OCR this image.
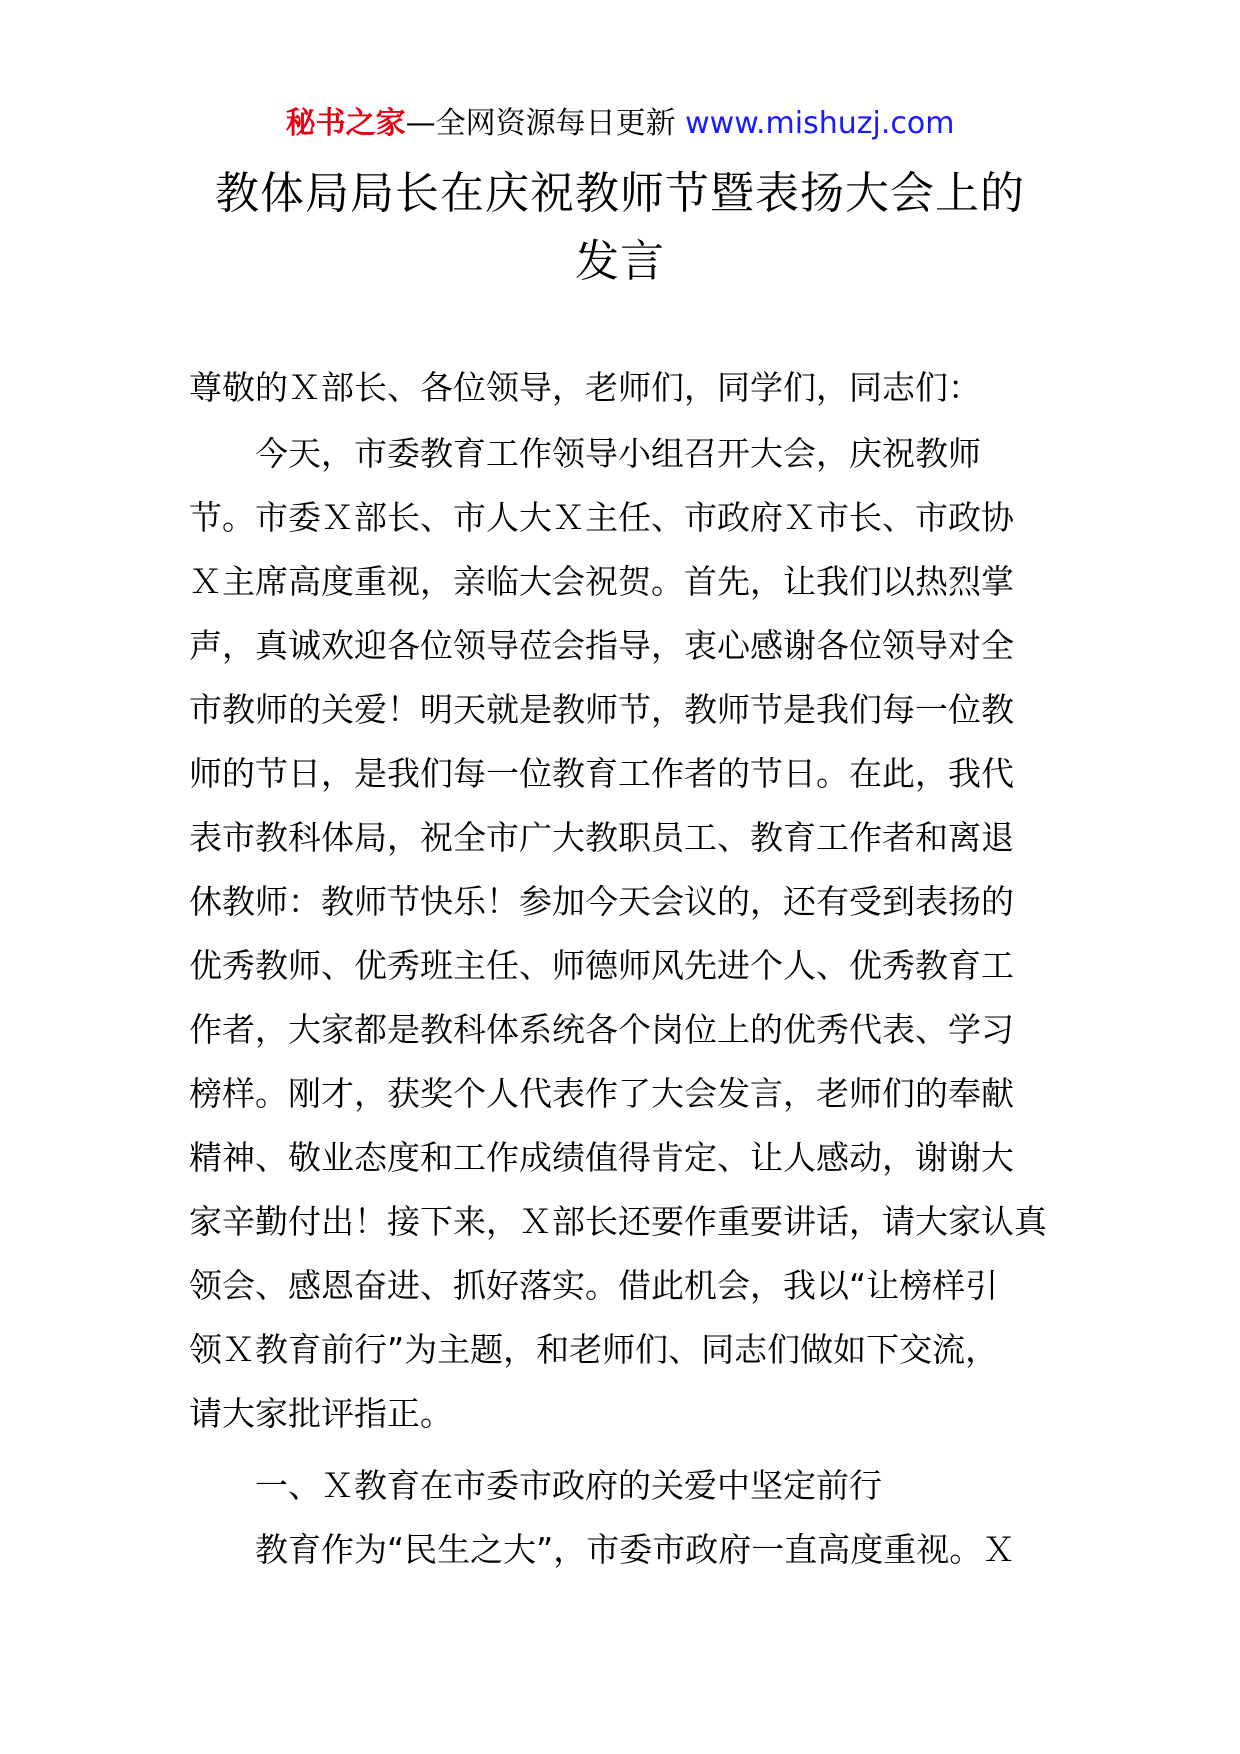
秘书之家—全网资源每日更新 www.mishuzj.com
教体局局长在庆祝教师节暨表扬大会上的
发言
尊敬的Ｘ部长、各位领导，老师们，同学们，同志们：
今天，市委教育工作领导小组召开大会，庆祝教师
节。市委Ｘ部长、市人大Ｘ主任、市政府Ｘ市长、市政协
Ｘ主席高度重视，亲临大会祝贺。首先，让我们以热烈掌
声，真诚欢迎各位领导莅会指导，衷心感谢各位领导对全
市教师的关爱！明天就是教师节，教师节是我们每一位教
师的节日，是我们每一位教育工作者的节日。在此，我代
表市教科体局，祝全市广大教职员工、教育工作者和离退
休教师：教师节快乐！参加今天会议的，还有受到表扬的
优秀教师、优秀班主任、师德师风先进个人、优秀教育工
作者，大家都是教科体系统各个岗位上的优秀代表、学习
榜样。刚才，获奖个人代表作了大会发言，老师们的奉献
精神、敬业态度和工作成绩值得肯定、让人感动，谢谢大
家辛勤付出！接下来，Ｘ部长还要作重要讲话，请大家认真
领会、感恩奋进、抓好落实。借此机会，我以“让榜样引
领Ｘ教育前行”为主题，和老师们、同志们做如下交流，
请大家批评指正。
一、Ｘ教育在市委市政府的关爱中坚定前行
教育作为“民生之大”，市委市政府一直高度重视。Ｘ
